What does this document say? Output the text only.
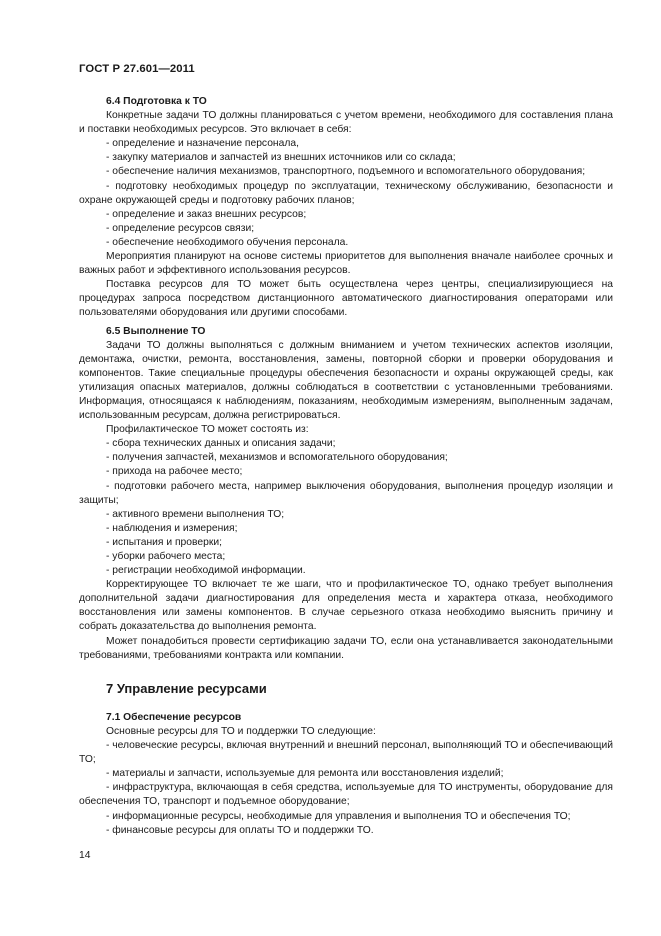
ГОСТ Р 27.601—2011

6.4 Подготовка к ТО

Конкретные задачи ТО должны планироваться с учетом времени, необходимого для составления плана и поставки необходимых ресурсов. Это включает в себя:

- определение и назначение персонала,

- закупку материалов и запчастей из внешних источников или со склада;

- обеспечение наличия механизмов, транспортного, подъемного и вспомогательного оборудования;

- подготовку необходимых процедур по эксплуатации, техническому обслуживанию, безопасности и охране окружающей среды и подготовку рабочих планов;

- определение и заказ внешних ресурсов;

- определение ресурсов связи;

- обеспечение необходимого обучения персонала.

Мероприятия планируют на основе системы приоритетов для выполнения вначале наиболее срочных и важных работ и эффективного использования ресурсов.

Поставка ресурсов для ТО может быть осуществлена через центры, специализирующиеся на процедурах запроса посредством дистанционного автоматического диагностирования операторами или пользователями оборудования или другими способами.

6.5 Выполнение ТО

Задачи ТО должны выполняться с должным вниманием и учетом технических аспектов изоляции, демонтажа, очистки, ремонта, восстановления, замены, повторной сборки и проверки оборудования и компонентов. Такие специальные процедуры обеспечения безопасности и охраны окружающей среды, как утилизация опасных материалов, должны соблюдаться в соответствии с установленными требованиями. Информация, относящаяся к наблюдениям, показаниям, необходимым измерениям, выполненным задачам, использованным ресурсам, должна регистрироваться.

Профилактическое ТО может состоять из:

- сбора технических данных и описания задачи;

- получения запчастей, механизмов и вспомогательного оборудования;

- прихода на рабочее место;

- подготовки рабочего места, например выключения оборудования, выполнения процедур изоляции и защиты;

- активного времени выполнения ТО;

- наблюдения и измерения;

- испытания и проверки;

- уборки рабочего места;

- регистрации необходимой информации.

Корректирующее ТО включает те же шаги, что и профилактическое ТО, однако требует выполнения дополнительной задачи диагностирования для определения места и характера отказа, необходимого восстановления или замены компонентов. В случае серьезного отказа необходимо выяснить причину и собрать доказательства до выполнения ремонта.

Может понадобиться провести сертификацию задачи ТО, если она устанавливается законодательными требованиями, требованиями контракта или компании.

7 Управление ресурсами

7.1 Обеспечение ресурсов

Основные ресурсы для ТО и поддержки ТО следующие:

- человеческие ресурсы, включая внутренний и внешний персонал, выполняющий ТО и обеспечивающий ТО;

- материалы и запчасти, используемые для ремонта или восстановления изделий;

- инфраструктура, включающая в себя средства, используемые для ТО инструменты, оборудование для обеспечения ТО, транспорт и подъемное оборудование;

- информационные ресурсы, необходимые для управления и выполнения ТО и обеспечения ТО;

- финансовые ресурсы для оплаты ТО и поддержки ТО.

14
